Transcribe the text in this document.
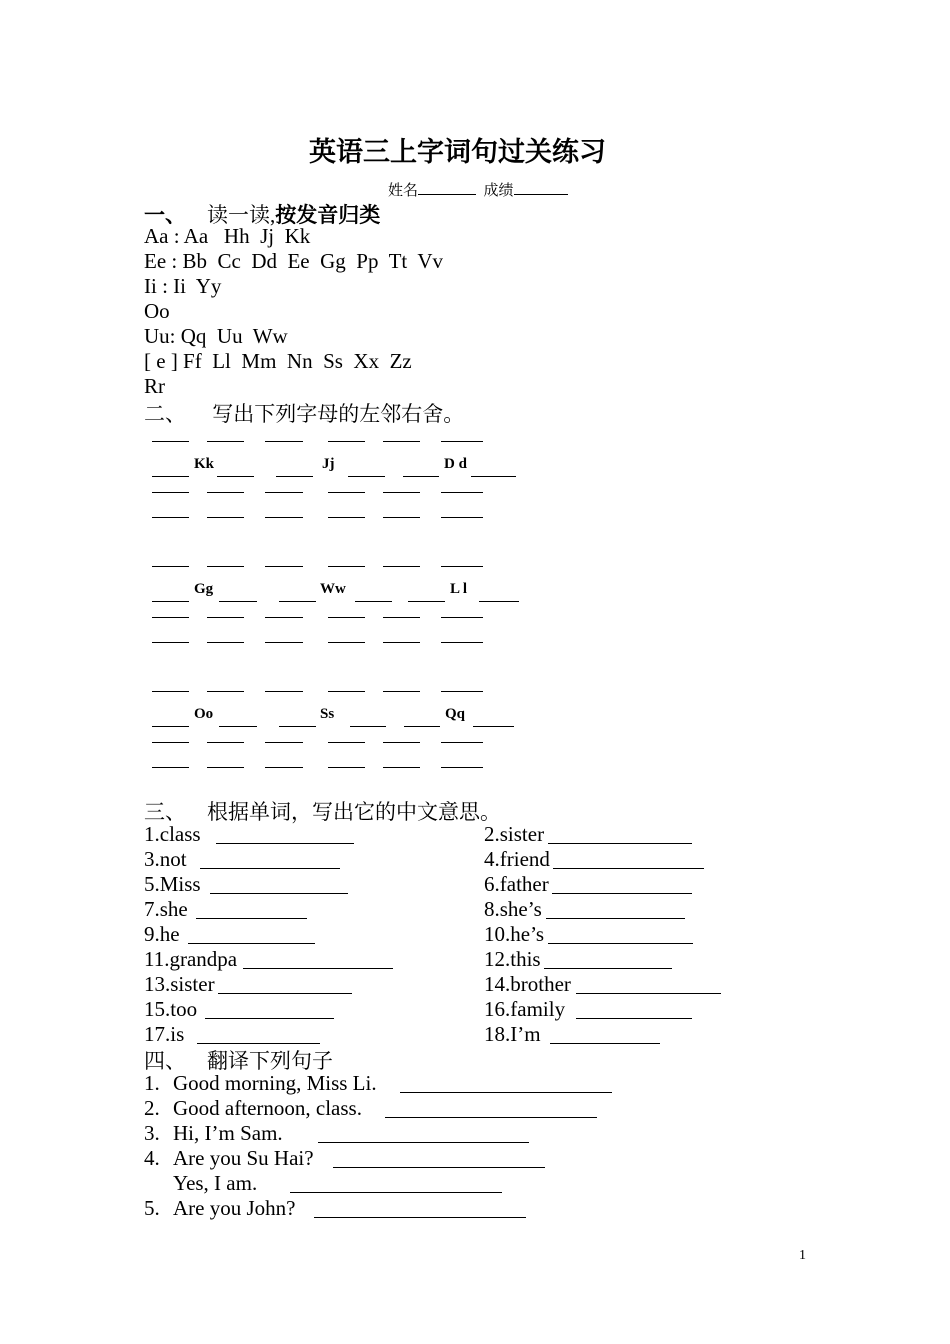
英语三上字词句过关练习
姓名	成绩
一、 读一读,按发音归类
Aa : Aa   Hh  Jj  Kk
Ee : Bb  Cc  Dd  Ee  Gg  Pp  Tt  Vv
Ii : Ii  Yy
Oo
Uu: Qq  Uu  Ww
[ e ] Ff  Ll  Mm  Nn  Ss  Xx  Zz
Rr
二、 写出下列字母的左邻右舍。
Kk	Jj	D d
Gg	Ww	L l
Oo	Ss	Qq
三、 根据单词，写出它的中文意思。
1.class	2.sister
3.not	4.friend
5.Miss	6.father
7.she	8.she’s
9.he	10.he’s
11.grandpa	12.this
13.sister	14.brother
15.too	16.family
17.is	18.I’m
四、 翻译下列句子
1. Good morning, Miss Li.
2. Good afternoon, class.
3. Hi, I’m Sam.
4. Are you Su Hai?
Yes, I am.
5. Are you John?
1
